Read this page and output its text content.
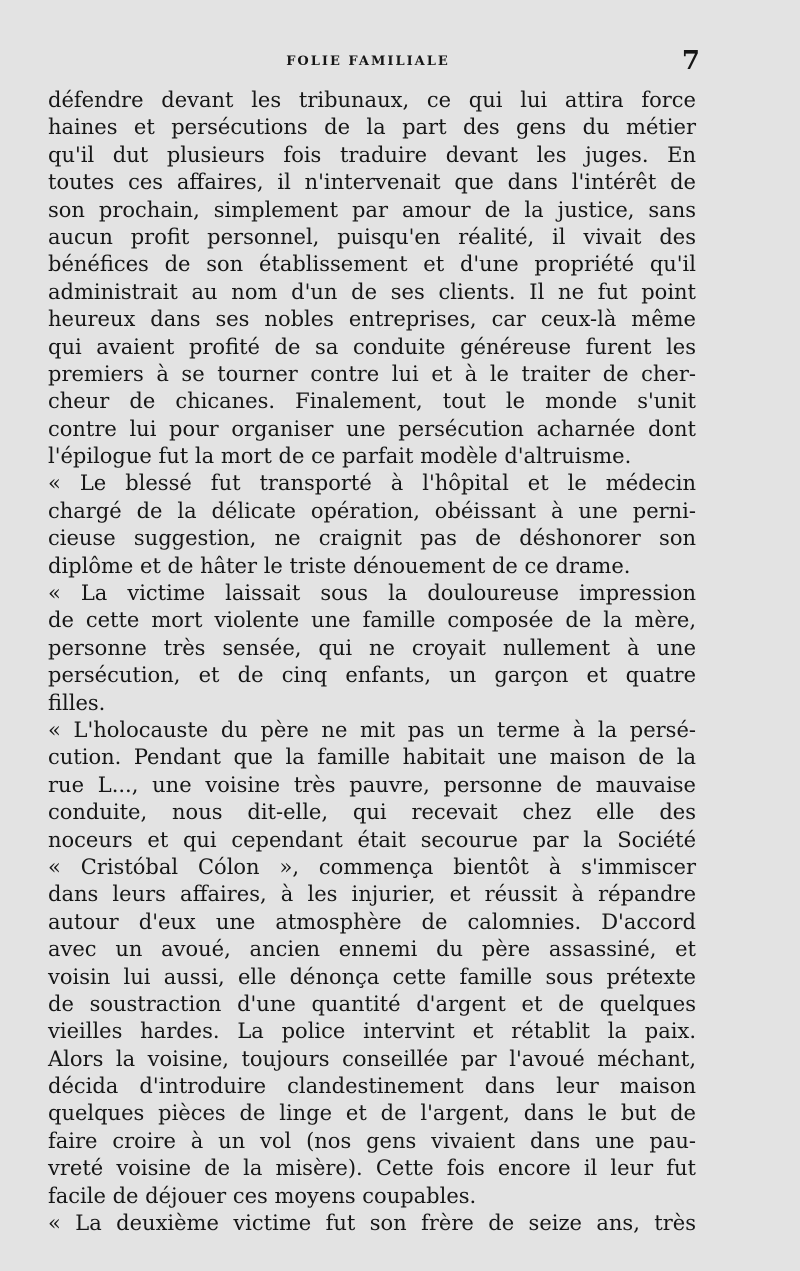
FOLIE FAMILIALE	7
défendre devant les tribunaux, ce qui lui attira force
haines et persécutions de la part des gens du métier
qu'il dut plusieurs fois traduire devant les juges. En
toutes ces affaires, il n'intervenait que dans l'intérêt de
son prochain, simplement par amour de la justice, sans
aucun profit personnel, puisqu'en réalité, il vivait des
bénéfices de son établissement et d'une propriété qu'il
administrait au nom d'un de ses clients. Il ne fut point
heureux dans ses nobles entreprises, car ceux-là même
qui avaient profité de sa conduite généreuse furent les
premiers à se tourner contre lui et à le traiter de cher-
cheur de chicanes. Finalement, tout le monde s'unit
contre lui pour organiser une persécution acharnée dont
l'épilogue fut la mort de ce parfait modèle d'altruisme.
« Le blessé fut transporté à l'hôpital et le médecin
chargé de la délicate opération, obéissant à une perni-
cieuse suggestion, ne craignit pas de déshonorer son
diplôme et de hâter le triste dénouement de ce drame.
« La victime laissait sous la douloureuse impression
de cette mort violente une famille composée de la mère,
personne très sensée, qui ne croyait nullement à une
persécution, et de cinq enfants, un garçon et quatre
filles.
« L'holocauste du père ne mit pas un terme à la persé-
cution. Pendant que la famille habitait une maison de la
rue L..., une voisine très pauvre, personne de mauvaise
conduite, nous dit-elle, qui recevait chez elle des
noceurs et qui cependant était secourue par la Société
« Cristóbal Cólon », commença bientôt à s'immiscer
dans leurs affaires, à les injurier, et réussit à répandre
autour d'eux une atmosphère de calomnies. D'accord
avec un avoué, ancien ennemi du père assassiné, et
voisin lui aussi, elle dénonça cette famille sous prétexte
de soustraction d'une quantité d'argent et de quelques
vieilles hardes. La police intervint et rétablit la paix.
Alors la voisine, toujours conseillée par l'avoué méchant,
décida d'introduire clandestinement dans leur maison
quelques pièces de linge et de l'argent, dans le but de
faire croire à un vol (nos gens vivaient dans une pau-
vreté voisine de la misère). Cette fois encore il leur fut
facile de déjouer ces moyens coupables.
« La deuxième victime fut son frère de seize ans, très
